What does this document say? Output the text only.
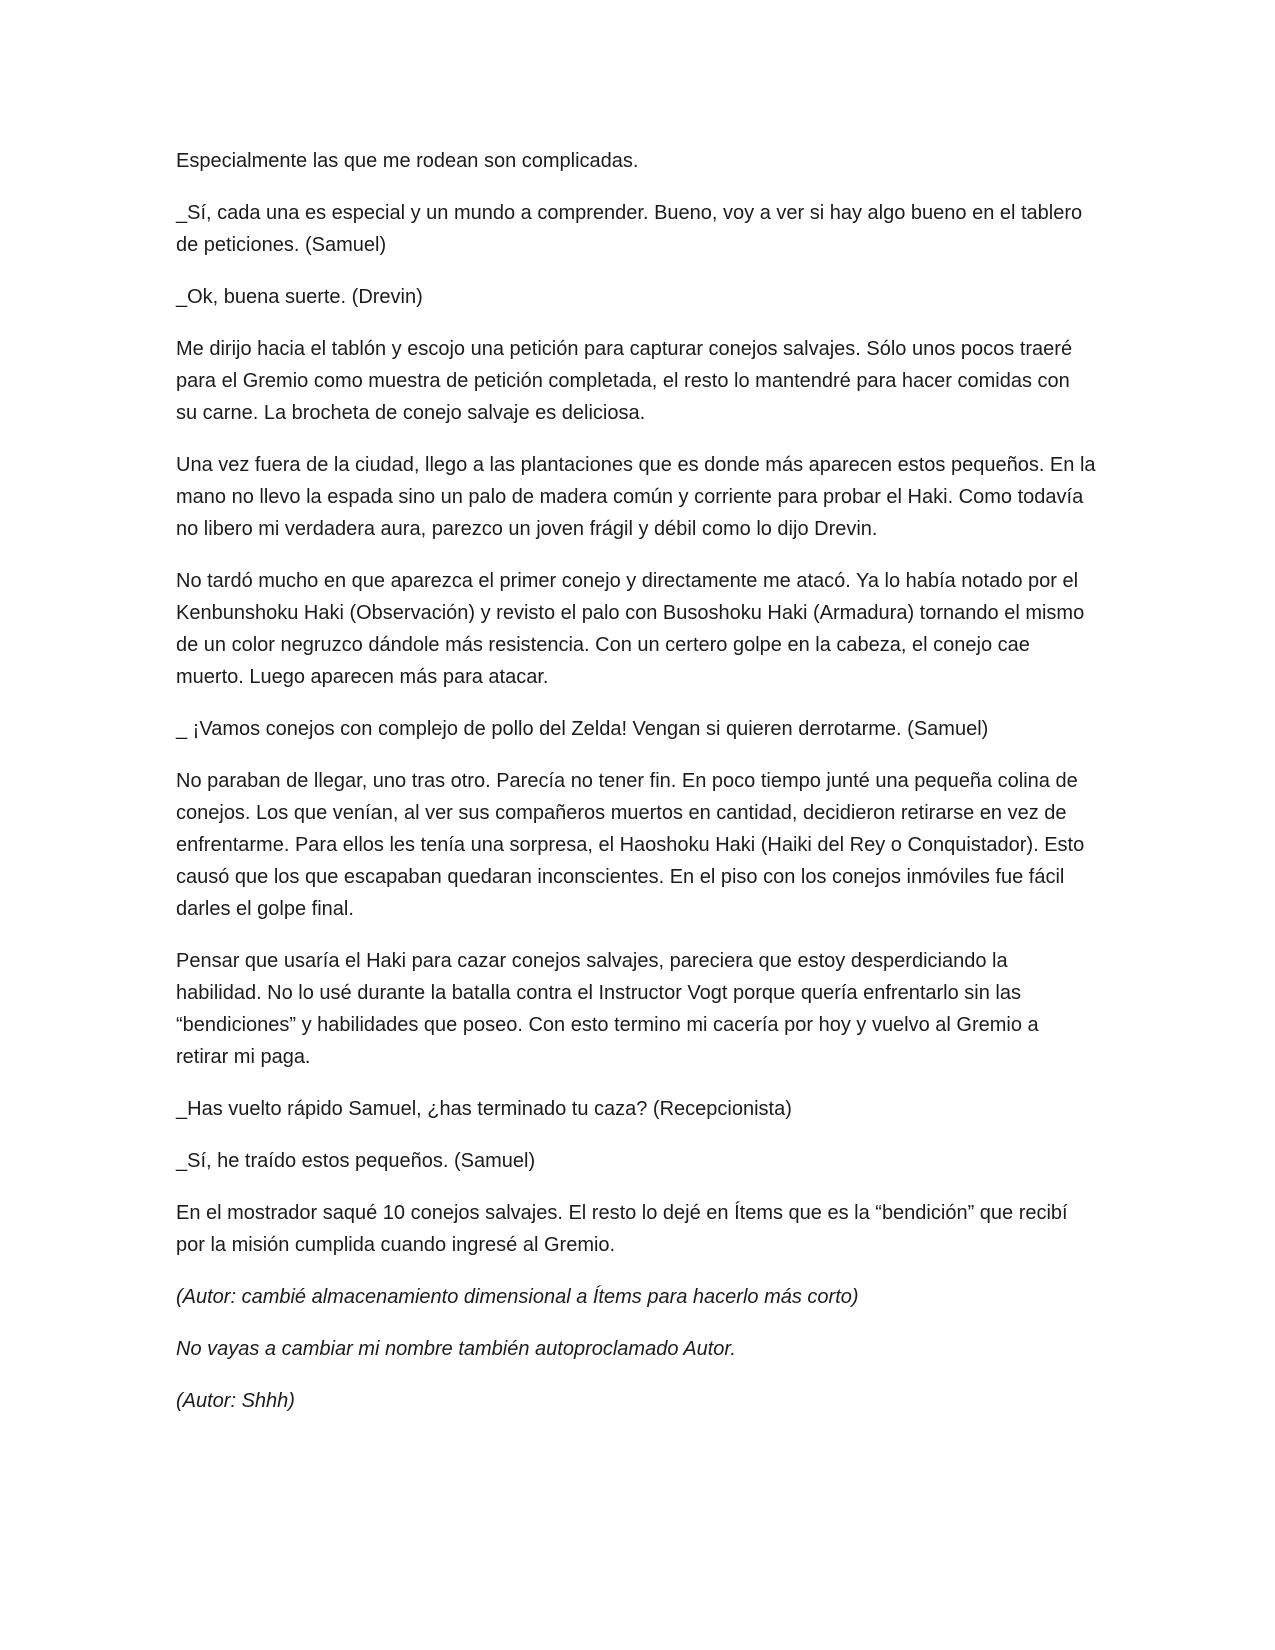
Especialmente las que me rodean son complicadas.

_Sí, cada una es especial y un mundo a comprender. Bueno, voy a ver si hay algo bueno en el tablero de peticiones. (Samuel)

_Ok, buena suerte. (Drevin)

Me dirijo hacia el tablón y escojo una petición para capturar conejos salvajes. Sólo unos pocos traeré para el Gremio como muestra de petición completada, el resto lo mantendré para hacer comidas con su carne. La brocheta de conejo salvaje es deliciosa.

Una vez fuera de la ciudad, llego a las plantaciones que es donde más aparecen estos pequeños. En la mano no llevo la espada sino un palo de madera común y corriente para probar el Haki. Como todavía no libero mi verdadera aura, parezco un joven frágil y débil como lo dijo Drevin.

No tardó mucho en que aparezca el primer conejo y directamente me atacó. Ya lo había notado por el Kenbunshoku Haki (Observación) y revisto el palo con Busoshoku Haki (Armadura) tornando el mismo de un color negruzco dándole más resistencia. Con un certero golpe en la cabeza, el conejo cae muerto. Luego aparecen más para atacar.

_ ¡Vamos conejos con complejo de pollo del Zelda! Vengan si quieren derrotarme. (Samuel)

No paraban de llegar, uno tras otro. Parecía no tener fin. En poco tiempo junté una pequeña colina de conejos. Los que venían, al ver sus compañeros muertos en cantidad, decidieron retirarse en vez de enfrentarme. Para ellos les tenía una sorpresa, el Haoshoku Haki (Haiki del Rey o Conquistador). Esto causó que los que escapaban quedaran inconscientes. En el piso con los conejos inmóviles fue fácil darles el golpe final.

Pensar que usaría el Haki para cazar conejos salvajes, pareciera que estoy desperdiciando la habilidad. No lo usé durante la batalla contra el Instructor Vogt porque quería enfrentarlo sin las “bendiciones” y habilidades que poseo. Con esto termino mi cacería por hoy y vuelvo al Gremio a retirar mi paga.

_Has vuelto rápido Samuel, ¿has terminado tu caza? (Recepcionista)

_Sí, he traído estos pequeños. (Samuel)

En el mostrador saqué 10 conejos salvajes. El resto lo dejé en Ítems que es la “bendición” que recibí por la misión cumplida cuando ingresé al Gremio.

(Autor: cambié almacenamiento dimensional a Ítems para hacerlo más corto)

No vayas a cambiar mi nombre también autoproclamado Autor.

(Autor: Shhh)
